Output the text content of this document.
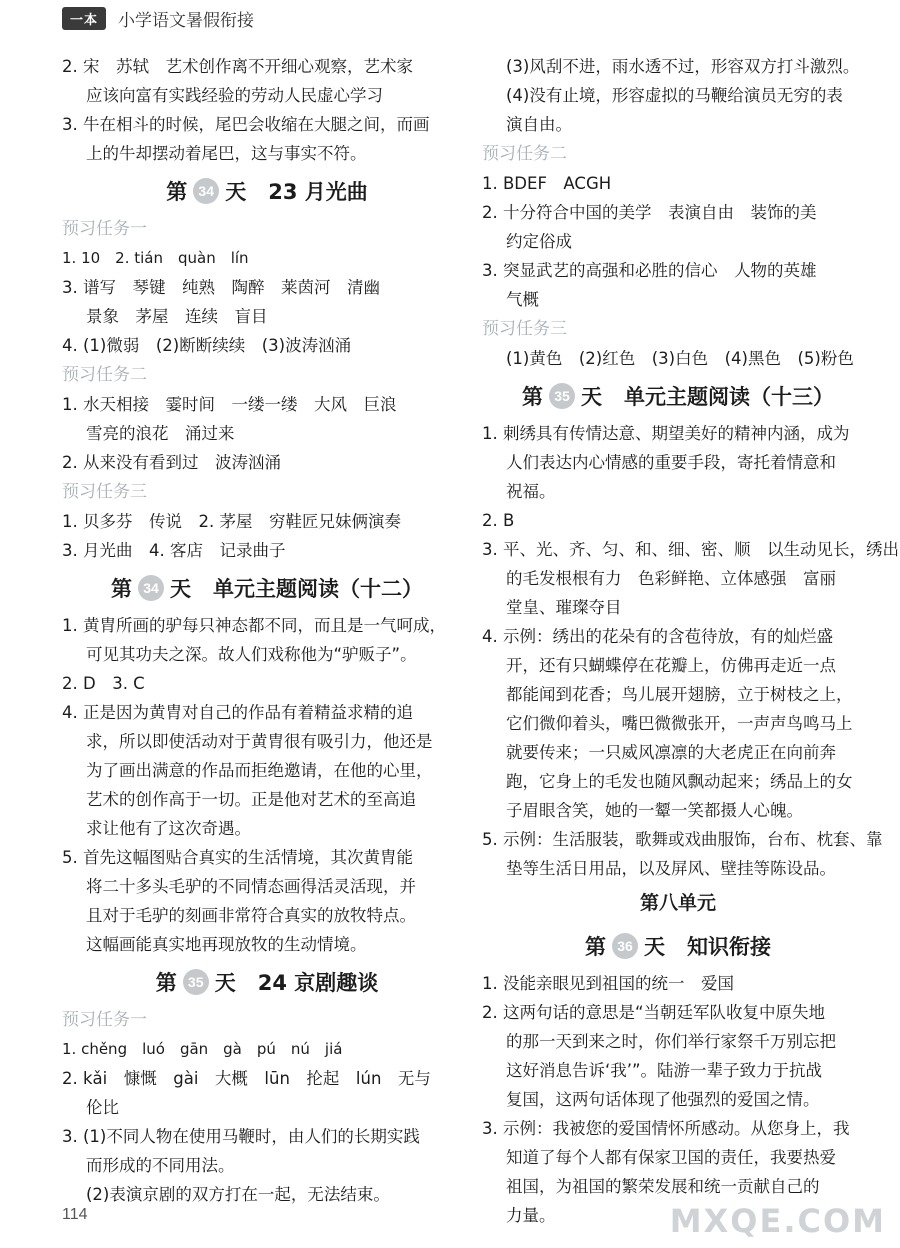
一本	小学语文暑假衔接
2. 宋　苏轼　艺术创作离不开细心观察，艺术家
应该向富有实践经验的劳动人民虚心学习
3. 牛在相斗的时候，尾巴会收缩在大腿之间，而画
上的牛却摆动着尾巴，这与事实不符。
第 34 天 23 月光曲
预习任务一
1. 10　2. tián　quàn　lín
3. 谱写　琴键　纯熟　陶醉　莱茵河　清幽
景象　茅屋　连续　盲目
4. (1)微弱　(2)断断续续　(3)波涛汹涌
预习任务二
1. 水天相接　霎时间　一缕一缕　大风　巨浪
雪亮的浪花　涌过来
2. 从来没有看到过　波涛汹涌
预习任务三
1. 贝多芬　传说　2. 茅屋　穷鞋匠兄妹俩演奏
3. 月光曲　4. 客店　记录曲子
第 34 天 单元主题阅读（十二）
1. 黄胄所画的驴每只神态都不同，而且是一气呵成，
可见其功夫之深。故人们戏称他为“驴贩子”。
2. D　3. C
4. 正是因为黄胄对自己的作品有着精益求精的追
求，所以即使活动对于黄胄很有吸引力，他还是
为了画出满意的作品而拒绝邀请，在他的心里，
艺术的创作高于一切。正是他对艺术的至高追
求让他有了这次奇遇。
5. 首先这幅图贴合真实的生活情境，其次黄胄能
将二十多头毛驴的不同情态画得活灵活现，并
且对于毛驴的刻画非常符合真实的放牧特点。
这幅画能真实地再现放牧的生动情境。
第 35 天 24 京剧趣谈
预习任务一
1. chěng　luó　gān　gà　pú　nú　jiá
2. kǎi　慷慨　gài　大概　lūn　抡起　lún　无与
伦比
3. (1)不同人物在使用马鞭时，由人们的长期实践
而形成的不同用法。
(2)表演京剧的双方打在一起，无法结束。
(3)风刮不进，雨水透不过，形容双方打斗激烈。
(4)没有止境，形容虚拟的马鞭给演员无穷的表
演自由。
预习任务二
1. BDEF　ACGH
2. 十分符合中国的美学　表演自由　装饰的美
约定俗成
3. 突显武艺的高强和必胜的信心　人物的英雄
气概
预习任务三
(1)黄色　(2)红色　(3)白色　(4)黑色　(5)粉色
第 35 天 单元主题阅读（十三）
1. 刺绣具有传情达意、期望美好的精神内涵，成为
人们表达内心情感的重要手段，寄托着情意和
祝福。
2. B
3. 平、光、齐、匀、和、细、密、顺　以生动见长，绣出
的毛发根根有力　色彩鲜艳、立体感强　富丽
堂皇、璀璨夺目
4. 示例：绣出的花朵有的含苞待放，有的灿烂盛
开，还有只蝴蝶停在花瓣上，仿佛再走近一点
都能闻到花香；鸟儿展开翅膀，立于树枝之上，
它们微仰着头，嘴巴微微张开，一声声鸟鸣马上
就要传来；一只威风凛凛的大老虎正在向前奔
跑，它身上的毛发也随风飘动起来；绣品上的女
子眉眼含笑，她的一颦一笑都摄人心魄。
5. 示例：生活服装，歌舞或戏曲服饰，台布、枕套、靠
垫等生活日用品，以及屏风、壁挂等陈设品。
第八单元
第 36 天 知识衔接
1. 没能亲眼见到祖国的统一　爱国
2. 这两句话的意思是“当朝廷军队收复中原失地
的那一天到来之时，你们举行家祭千万别忘把
这好消息告诉‘我’”。陆游一辈子致力于抗战
复国，这两句话体现了他强烈的爱国之情。
3. 示例：我被您的爱国情怀所感动。从您身上，我
知道了每个人都有保家卫国的责任，我要热爱
祖国，为祖国的繁荣发展和统一贡献自己的
力量。
114	MXQE.COM
